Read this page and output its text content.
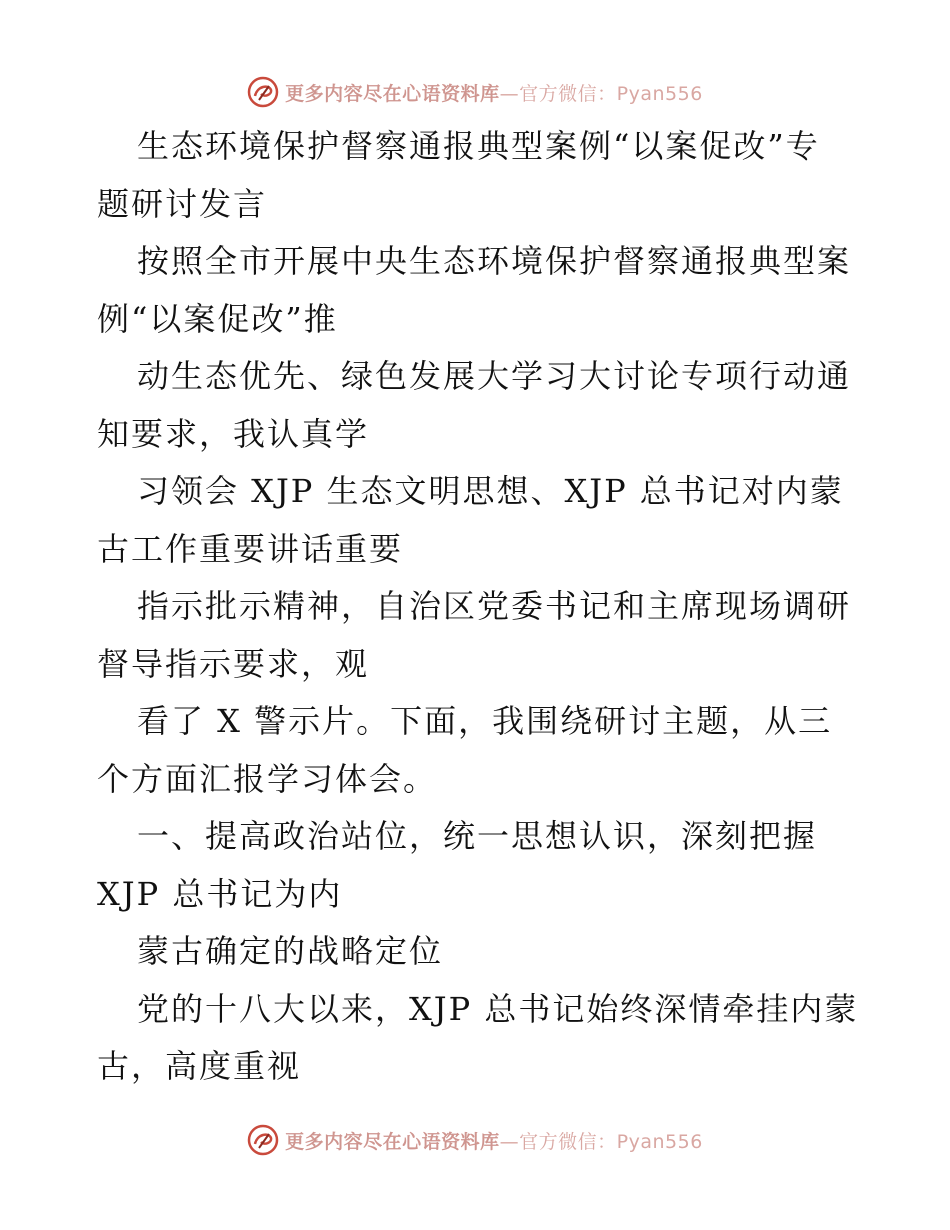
更多内容尽在心语资料库—官方微信：Pyan556
生态环境保护督察通报典型案例“以案促改”专
题研讨发言
按照全市开展中央生态环境保护督察通报典型案
例“以案促改”推
动生态优先、绿色发展大学习大讨论专项行动通
知要求，我认真学
习领会 XJP 生态文明思想、XJP 总书记对内蒙
古工作重要讲话重要
指示批示精神，自治区党委书记和主席现场调研
督导指示要求，观
看了 X 警示片。下面，我围绕研讨主题，从三
个方面汇报学习体会。
一、提高政治站位，统一思想认识，深刻把握
XJP 总书记为内
蒙古确定的战略定位
党的十八大以来，XJP 总书记始终深情牵挂内蒙
古，高度重视
更多内容尽在心语资料库—官方微信：Pyan556
